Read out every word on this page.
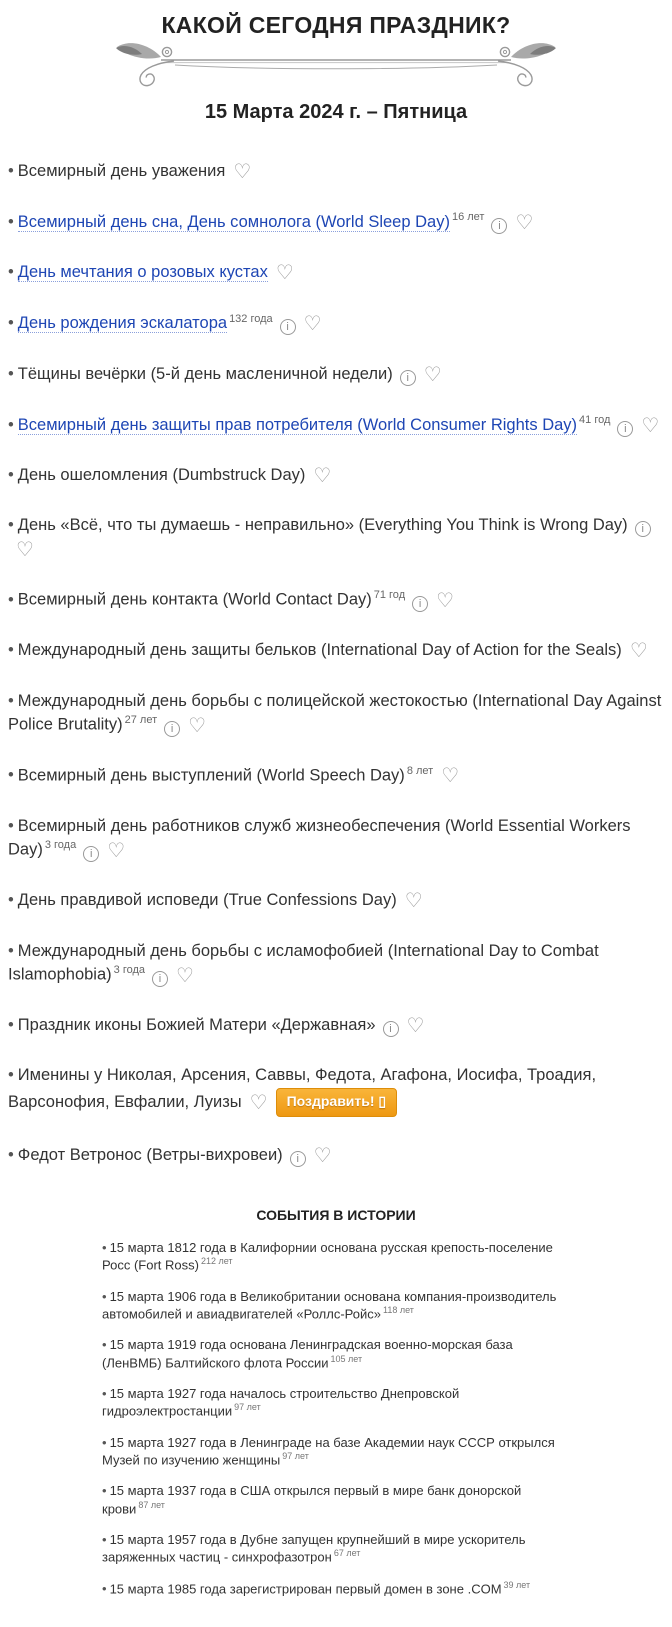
КАКОЙ СЕГОДНЯ ПРАЗДНИК?
15 Марта 2024 г. – Пятница
• Всемирный день уважения ♡
• Всемирный день сна, День сомнолога (World Sleep Day) $^{16 лет}$i ♡
• День мечтания о розовых кустах ♡
• День рождения эскалатора $^{132 года}$i ♡
• Тёщины вечёрки (5-й день масленичной недели) i ♡
• Всемирный день защиты прав потребителя (World Consumer Rights Day) $^{41 год}$i ♡
• День ошеломления (Dumbstruck Day) ♡
• День «Всё, что ты думаешь - неправильно» (Everything You Think is Wrong Day) i♡
• Всемирный день контакта (World Contact Day) $^{71 год}$i ♡
• Международный день защиты бельков (International Day of Action for the Seals) ♡
• Международный день борьбы с полицейской жестокостью (International Day Against Police Brutality) $^{27 лет}$i ♡
• Всемирный день выступлений (World Speech Day) $^{8 лет}$ ♡
• Всемирный день работников служб жизнеобеспечения (World Essential Workers Day) $^{3 года}$i ♡
• День правдивой исповеди (True Confessions Day) ♡
• Международный день борьбы с исламофобией (International Day to Combat Islamophobia) $^{3 года}$i ♡
• Праздник иконы Божией Матери «Державная» i ♡
• Именины у Николая, Арсения, Саввы, Федота, Агафона, Иосифа, Троадия, Варсонофия, Евфалии, Луизы ♡ Поздравить! ▯
• Федот Ветронос (Ветры-вихровеи) i ♡
СОБЫТИЯ В ИСТОРИИ
• 15 марта 1812 года в Калифорнии основана русская крепость-поселение Росс (Fort Ross) $^{212 лет}$
• 15 марта 1906 года в Великобритании основана компания-производитель автомобилей и авиадвигателей «Роллс-Ройс» $^{118 лет}$
• 15 марта 1919 года основана Ленинградская военно-морская база (ЛенВМБ) Балтийского флота России $^{105 лет}$
• 15 марта 1927 года началось строительство Днепровской гидроэлектростанции $^{97 лет}$
• 15 марта 1927 года в Ленинграде на базе Академии наук СССР открылся Музей по изучению женщины $^{97 лет}$
• 15 марта 1937 года в США открылся первый в мире банк донорской крови $^{87 лет}$
• 15 марта 1957 года в Дубне запущен крупнейший в мире ускоритель заряженных частиц - синхрофазотрон $^{67 лет}$
• 15 марта 1985 года зарегистрирован первый домен в зоне .COM $^{39 лет}$
